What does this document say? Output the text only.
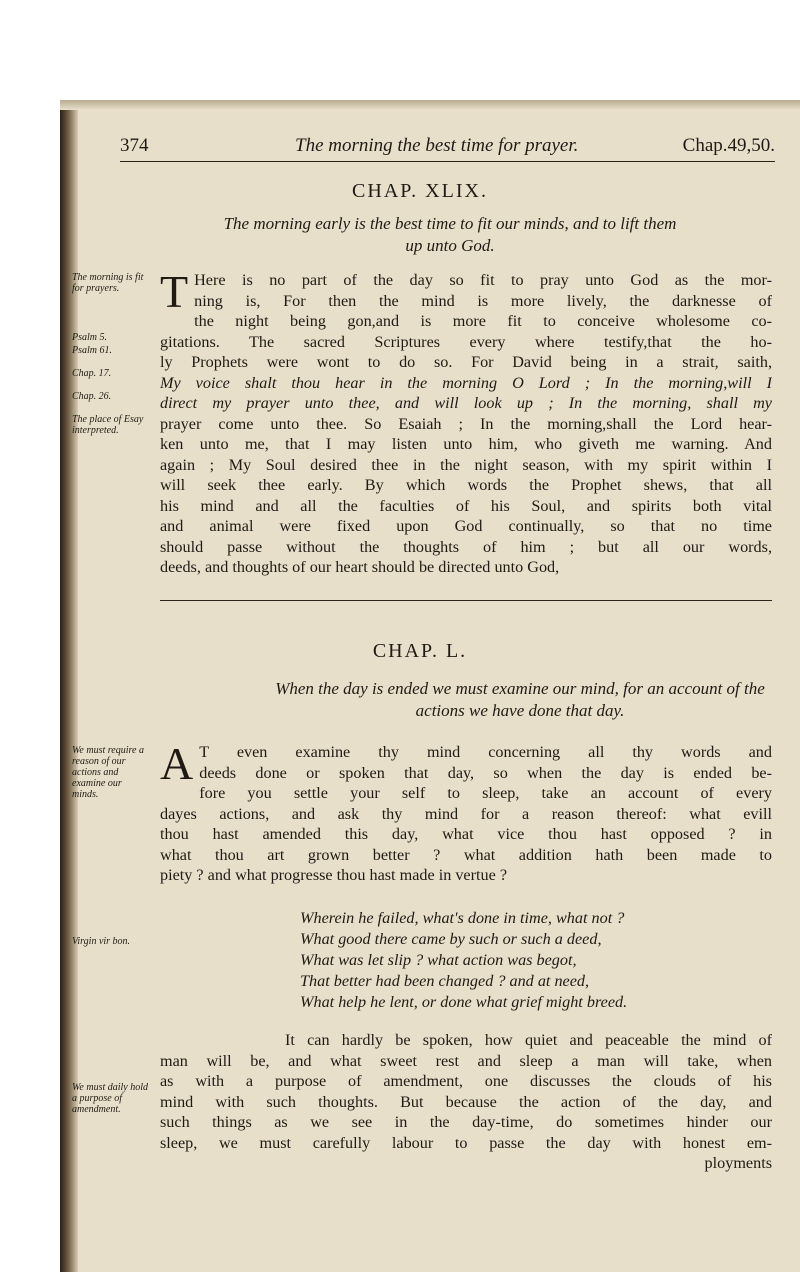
374	The morning the best time for prayer.	Chap.49,50.
CHAP. XLIX.
The morning early is the best time to fit our minds, and to lift them
up unto God.
The morning is fit for prayers.
Psalm 5.
Psalm 61.
Chap. 17.
Chap. 26.
The place of Esay interpreted.
T Here is no part of the day so fit to pray unto God as the mor-
ning is, For then the mind is more lively, the darknesse of
the night being gon,and is more fit to conceive wholesome co-
gitations. The sacred Scriptures every where testify,that the ho-
ly Prophets were wont to do so. For David being in a strait, saith,
My voice shalt thou hear in the morning O Lord ; In the morning,will I
direct my prayer unto thee, and will look up ; In the morning, shall my
prayer come unto thee. So Esaiah ; In the morning,shall the Lord hear-
ken unto me, that I may listen unto him, who giveth me warning. And
again ; My Soul desired thee in the night season, with my spirit within I
will seek thee early. By which words the Prophet shews, that all
his mind and all the faculties of his Soul, and spirits both vital
and animal were fixed upon God continually, so that no time
should passe without the thoughts of him ; but all our words,
deeds, and thoughts of our heart should be directed unto God,
CHAP. L.
When the day is ended we must examine our mind, for an account of the
actions we have done that day.
We must require a reason of our actions and examine our minds.
Virgin vir bon.
We must daily hold a purpose of amendment.
A T even examine thy mind concerning all thy words and
deeds done or spoken that day, so when the day is ended be-
fore you settle your self to sleep, take an account of every
dayes actions, and ask thy mind for a reason thereof: what evill
thou hast amended this day, what vice thou hast opposed ? in
what thou art grown better ? what addition hath been made to
piety ? and what progresse thou hast made in vertue ?
Wherein he failed, what's done in time, what not ?
What good there came by such or such a deed,
What was let slip ? what action was begot,
That better had been changed ? and at need,
What help he lent, or done what grief might breed.
It can hardly be spoken, how quiet and peaceable the mind of
man will be, and what sweet rest and sleep a man will take, when
as with a purpose of amendment, one discusses the clouds of his
mind with such thoughts. But because the action of the day, and
such things as we see in the day-time, do sometimes hinder our
sleep, we must carefully labour to passe the day with honest em-
ployments
